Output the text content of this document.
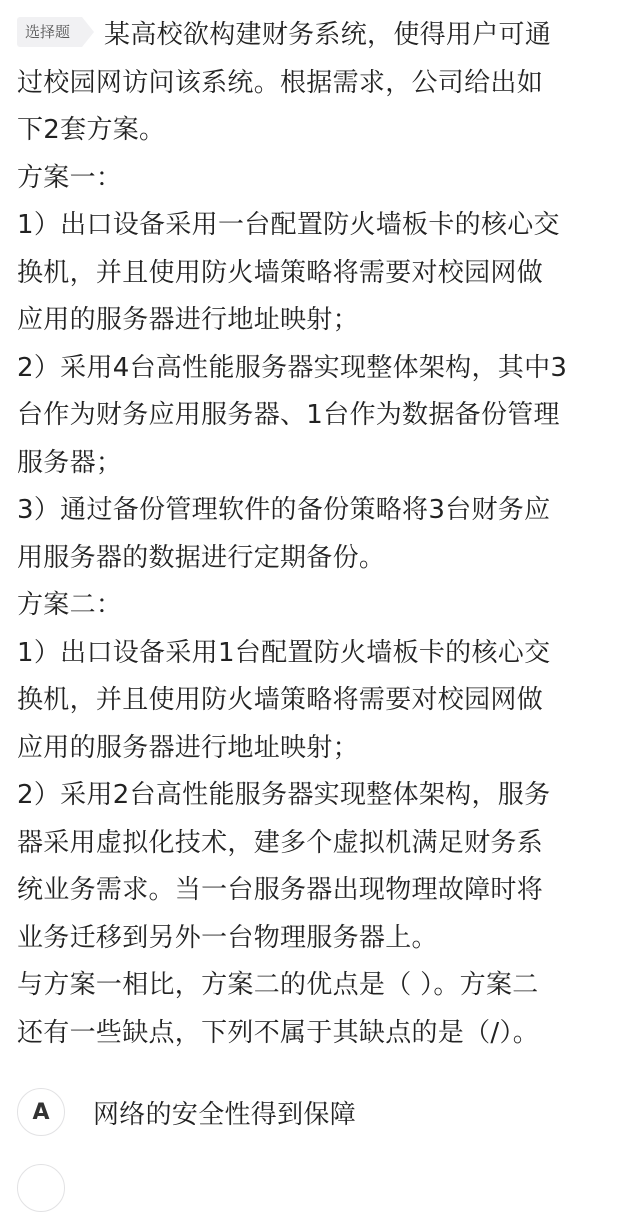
选择题 某高校欲构建财务系统，使得用户可通
过校园网访问该系统。根据需求，公司给出如
下2套方案。
方案一：
1）出口设备采用一台配置防火墙板卡的核心交
换机，并且使用防火墙策略将需要对校园网做
应用的服务器进行地址映射；
2）采用4台高性能服务器实现整体架构，其中3
台作为财务应用服务器、1台作为数据备份管理
服务器；
3）通过备份管理软件的备份策略将3台财务应
用服务器的数据进行定期备份。
方案二：
1）出口设备采用1台配置防火墙板卡的核心交
换机，并且使用防火墙策略将需要对校园网做
应用的服务器进行地址映射；
2）采用2台高性能服务器实现整体架构，服务
器采用虚拟化技术，建多个虚拟机满足财务系
统业务需求。当一台服务器出现物理故障时将
业务迁移到另外一台物理服务器上。
与方案一相比，方案二的优点是（ ）。方案二
还有一些缺点，下列不属于其缺点的是（/）。
A	网络的安全性得到保障
